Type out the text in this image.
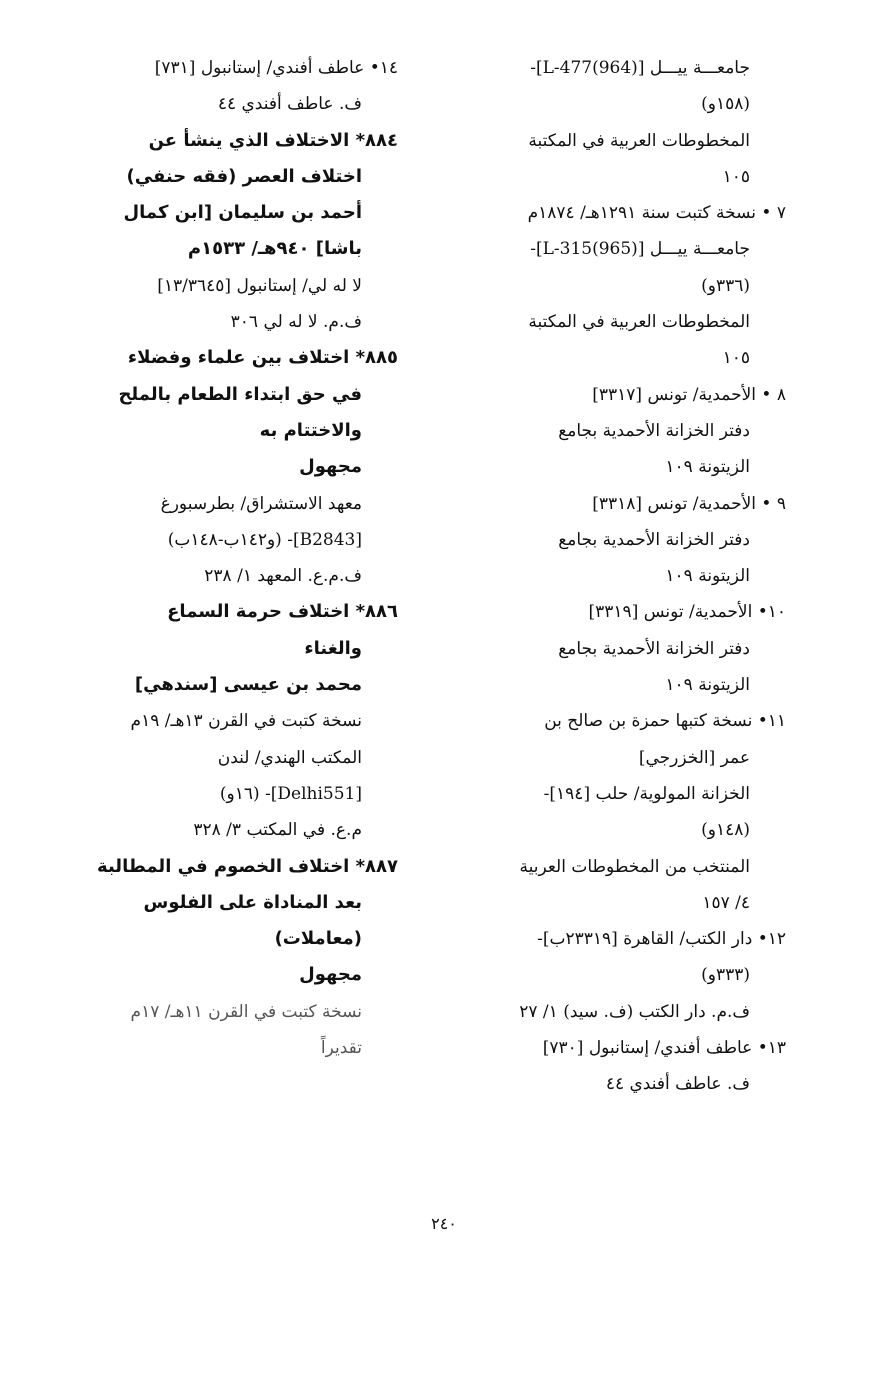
جامعـــة ييـــل [L-477(964)]-
(١٥٨و)
المخطوطات العربية في المكتبة
١٠٥
٧ • نسخة كتبت سنة ١٢٩١هـ/ ١٨٧٤م
جامعـــة ييـــل [L-315(965)]-
(٣٣٦و)
المخطوطات العربية في المكتبة
١٠٥
٨ • الأحمدية/ تونس [٣٣١٧]
دفتر الخزانة الأحمدية بجامع
الزيتونة ١٠٩
٩ • الأحمدية/ تونس [٣٣١٨]
دفتر الخزانة الأحمدية بجامع
الزيتونة ١٠٩
١٠• الأحمدية/ تونس [٣٣١٩]
دفتر الخزانة الأحمدية بجامع
الزيتونة ١٠٩
١١• نسخة كتبها حمزة بن صالح بن
عمر [الخزرجي]
الخزانة المولوية/ حلب [١٩٤]-
(١٤٨و)
المنتخب من المخطوطات العربية
٤/ ١٥٧
١٢• دار الكتب/ القاهرة [٢٣٣١٩ب]-
(٣٣٣و)
ف.م. دار الكتب (ف. سيد) ١/ ٢٧
١٣• عاطف أفندي/ إستانبول [٧٣٠]
ف. عاطف أفندي ٤٤
١٤• عاطف أفندي/ إستانبول [٧٣١]
ف. عاطف أفندي ٤٤
٨٨٤* الاختلاف الذي ينشأ عن
اختلاف العصر (فقه حنفي)
أحمد بن سليمان [ابن كمال
باشا] ٩٤٠هـ/ ١٥٣٣م
لا له لي/ إستانبول [١٣/٣٦٤٥]
ف.م. لا له لي ٣٠٦
٨٨٥* اختلاف بين علماء وفضلاء
في حق ابتداء الطعام بالملح
والاختتام به
مجهول
معهد الاستشراق/ بطرسبورغ
[B2843]- (و١٤٢ب-١٤٨ب)
ف.م.ع. المعهد ١/ ٢٣٨
٨٨٦* اختلاف حرمة السماع
والغناء
محمد بن عيسى [سندهي]
نسخة كتبت في القرن ١٣هـ/ ١٩م
المكتب الهندي/ لندن
[Delhi551]- (١٦و)
م.ع. في المكتب ٣/ ٣٢٨
٨٨٧* اختلاف الخصوم في المطالبة
بعد المناداة على الفلوس
(معاملات)
مجهول
نسخة كتبت في القرن ١١هـ/ ١٧م
تقديراً
٢٤٠
